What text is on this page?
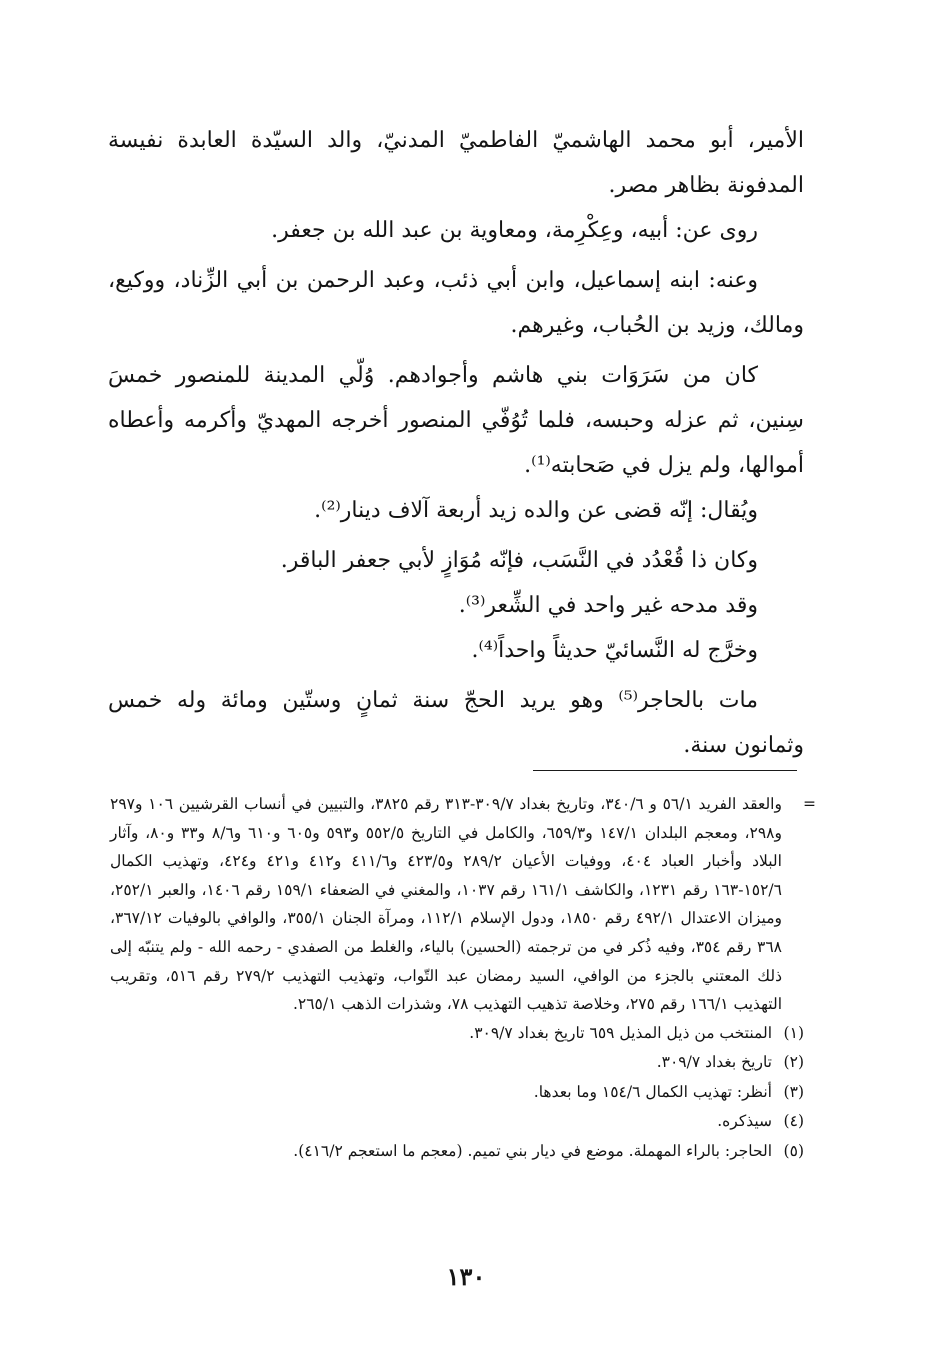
الأمير، أبو محمد الهاشميّ الفاطميّ المدنيّ، والد السيّدة العابدة نفيسة المدفونة بظاهر مصر.

روى عن: أبيه، وعِكْرِمة، ومعاوية بن عبد الله بن جعفر.

وعنه: ابنه إسماعيل، وابن أبي ذئب، وعبد الرحمن بن أبي الزِّناد، ووكيع، ومالك، وزيد بن الحُباب، وغيرهم.

كان من سَرَوَات بني هاشم وأجوادهم. وُلّي المدينة للمنصور خمسَ سِنين، ثم عزله وحبسه، فلما تُوُفّي المنصور أخرجه المهديّ وأكرمه وأعطاه أموالها، ولم يزل في صَحابته⁽¹⁾.

ويُقال: إنّه قضى عن والده زيد أربعة آلاف دينار⁽²⁾.

وكان ذا قُعْدُد في النَّسَب، فإنّه مُوَازٍ لأبي جعفر الباقر.

وقد مدحه غير واحد في الشِّعر⁽³⁾.

وخرَّج له النَّسائيّ حديثاً واحداً⁽⁴⁾.

مات بالحاجر⁽⁵⁾ وهو يريد الحجّ سنة ثمانٍ وستّين ومائة وله خمس وثمانون سنة.

=
والعقد الفريد ٥٦/١ و ٣٤٠/٦، وتاريخ بغداد ٣٠٩/٧-٣١٣ رقم ٣٨٢٥، والتبيين في أنساب القرشيين ١٠٦ و٢٩٧ و٢٩٨، ومعجم البلدان ١٤٧/١ و٦٥٩/٣، والكامل في التاريخ ٥٥٢/٥ و٥٩٣ و٦٠٥ و٦١٠ و٨/٦ و٣٣ و٨٠، وآثار البلاد وأخبار العباد ٤٠٤، ووفيات الأعيان ٢٨٩/٢ و٤٢٣/٥ و٤١١/٦ و٤١٢ و٤٢١ و٤٢٤، وتهذيب الكمال ١٥٢/٦-١٦٣ رقم ١٢٣١، والكاشف ١٦١/١ رقم ١٠٣٧، والمغني في الضعفاء ١٥٩/١ رقم ١٤٠٦، والعبر ٢٥٢/١، وميزان الاعتدال ٤٩٢/١ رقم ١٨٥٠، ودول الإسلام ١١٢/١، ومرآة الجنان ٣٥٥/١، والوافي بالوفيات ٣٦٧/١٢، ٣٦٨ رقم ٣٥٤، وفيه ذُكر في من ترجمته (الحسين) بالياء، والغلط من الصفدي - رحمه الله - ولم يتنبّه إلى ذلك المعتني بالجزء من الوافي، السيد رمضان عبد التّواب، وتهذيب التهذيب ٢٧٩/٢ رقم ٥١٦، وتقريب التهذيب ١٦٦/١ رقم ٢٧٥، وخلاصة تذهيب التهذيب ٧٨، وشذرات الذهب ٢٦٥/١.

(١)المنتخب من ذيل المذيل ٦٥٩ تاريخ بغداد ٣٠٩/٧.

(٢)تاريخ بغداد ٣٠٩/٧.

(٣)أنظر: تهذيب الكمال ١٥٤/٦ وما بعدها.

(٤)سيذكره.

(٥)الحاجر: بالراء المهملة. موضع في ديار بني تميم. (معجم ما استعجم ٤١٦/٢).

١٣٠
